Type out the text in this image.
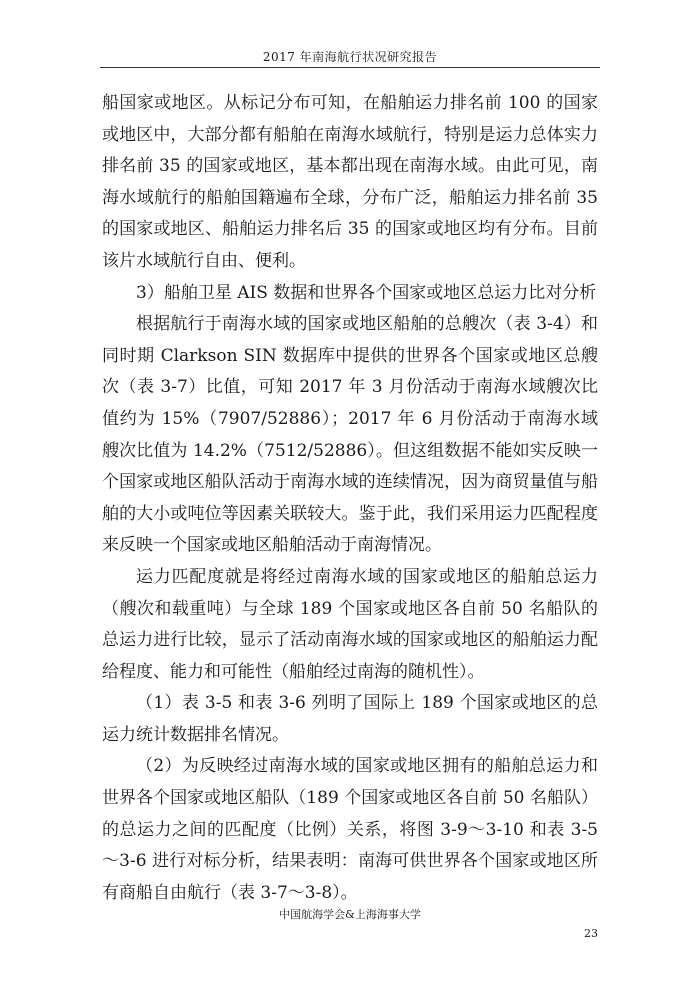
2017 年南海航行状况研究报告

船国家或地区。从标记分布可知，在船舶运力排名前 100 的国家或地区中，大部分都有船舶在南海水域航行，特别是运力总体实力排名前 35 的国家或地区，基本都出现在南海水域。由此可见，南海水域航行的船舶国籍遍布全球，分布广泛，船舶运力排名前 35 的国家或地区、船舶运力排名后 35 的国家或地区均有分布。目前该片水域航行自由、便利。

3）船舶卫星 AIS 数据和世界各个国家或地区总运力比对分析

根据航行于南海水域的国家或地区船舶的总艘次（表 3-4）和同时期 Clarkson SIN 数据库中提供的世界各个国家或地区总艘次（表 3-7）比值，可知 2017 年 3 月份活动于南海水域艘次比值约为 15%（7907/52886）；2017 年 6 月份活动于南海水域艘次比值为 14.2%（7512/52886）。但这组数据不能如实反映一个国家或地区船队活动于南海水域的连续情况，因为商贸量值与船舶的大小或吨位等因素关联较大。鉴于此，我们采用运力匹配程度来反映一个国家或地区船舶活动于南海情况。

运力匹配度就是将经过南海水域的国家或地区的船舶总运力（艘次和载重吨）与全球 189 个国家或地区各自前 50 名船队的总运力进行比较，显示了活动南海水域的国家或地区的船舶运力配给程度、能力和可能性（船舶经过南海的随机性）。

（1）表 3-5 和表 3-6 列明了国际上 189 个国家或地区的总运力统计数据排名情况。

（2）为反映经过南海水域的国家或地区拥有的船舶总运力和世界各个国家或地区船队（189 个国家或地区各自前 50 名船队）的总运力之间的匹配度（比例）关系，将图 3-9～3-10 和表 3-5～3-6 进行对标分析，结果表明：南海可供世界各个国家或地区所有商船自由航行（表 3-7～3-8）。

中国航海学会&上海海事大学
23
